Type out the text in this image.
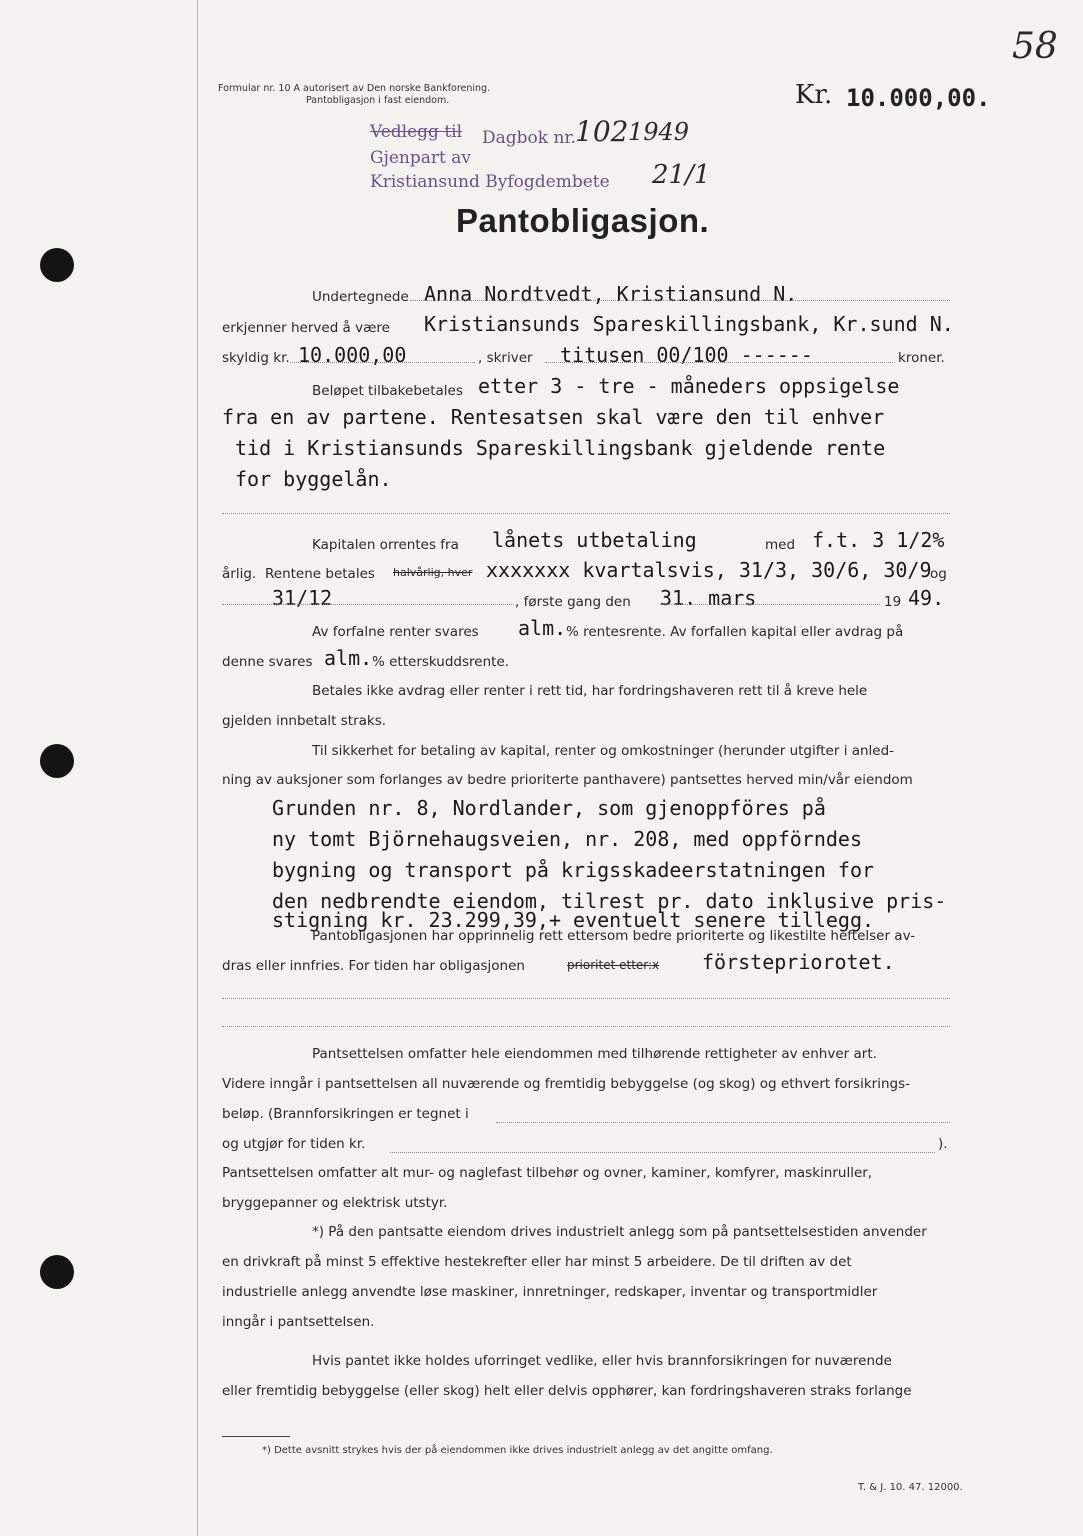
Formular nr. 10 A autorisert av Den norske Bankforening.
Pantobligasjon i fast eiendom.	Kr. 10.000,00.
58
Vedlegg til Dagbok nr.
102 1949
Gjenpart av
Kristiansund Byfogdembete 21/1
Pantobligasjon.
Undertegnede Anna Nordtvedt, Kristiansund N.
erkjenner herved å være Kristiansunds Spareskillingsbank, Kr.sund N.
skyldig kr. 10.000,00	, skriver titusen 00/100 ------	kroner.
Beløpet tilbakebetales etter 3 - tre - måneders oppsigelse
fra en av partene. Rentesatsen skal være den til enhver
tid i Kristiansunds Spareskillingsbank gjeldende rente
for byggelån.
Kapitalen orrentes fra lånets utbetaling	med f.t. 3 1/2%
årlig. Rentene betales halvårlig, hver xxxxxxx kvartalsvis, 31/3, 30/6, 30/9
og
31/12	, første gang den 31. mars	19 49.
Av forfalne renter svares alm. % rentesrente. Av forfallen kapital eller avdrag på
denne svares alm. % etterskuddsrente.
Betales ikke avdrag eller renter i rett tid, har fordringshaveren rett til å kreve hele
gjelden innbetalt straks.
Til sikkerhet for betaling av kapital, renter og omkostninger (herunder utgifter i anled-
ning av auksjoner som forlanges av bedre prioriterte panthavere) pantsettes herved min/vår eiendom
Grunden nr. 8, Nordlander, som gjenoppföres på
ny tomt Björnehaugsveien, nr. 208, med oppförndes
bygning og transport på krigsskadeerstatningen for
den nedbrendte eiendom, tilrest pr. dato inklusive pris-
stigning kr. 23.299,39,+ eventuelt senere tillegg.
Pantobligasjonen har opprinnelig rett ettersom bedre prioriterte og likestilte heftelser av-
dras eller innfries. For tiden har obligasjonen	prioritet etter:x förstepriorotet.
Pantsettelsen omfatter hele eiendommen med tilhørende rettigheter av enhver art.
Videre inngår i pantsettelsen all nuværende og fremtidig bebyggelse (og skog) og ethvert forsikrings-
beløp. (Brannforsikringen er tegnet i
og utgjør for tiden kr.	).
Pantsettelsen omfatter alt mur- og naglefast tilbehør og ovner, kaminer, komfyrer, maskinruller,
bryggepanner og elektrisk utstyr.
*) På den pantsatte eiendom drives industrielt anlegg som på pantsettelsestiden anvender
en drivkraft på minst 5 effektive hestekrefter eller har minst 5 arbeidere. De til driften av det
industrielle anlegg anvendte løse maskiner, innretninger, redskaper, inventar og transportmidler
inngår i pantsettelsen.
Hvis pantet ikke holdes uforringet vedlike, eller hvis brannforsikringen for nuværende
eller fremtidig bebyggelse (eller skog) helt eller delvis opphører, kan fordringshaveren straks forlange
*) Dette avsnitt strykes hvis der på eiendommen ikke drives industrielt anlegg av det angitte omfang.
T. & J. 10. 47. 12000.
